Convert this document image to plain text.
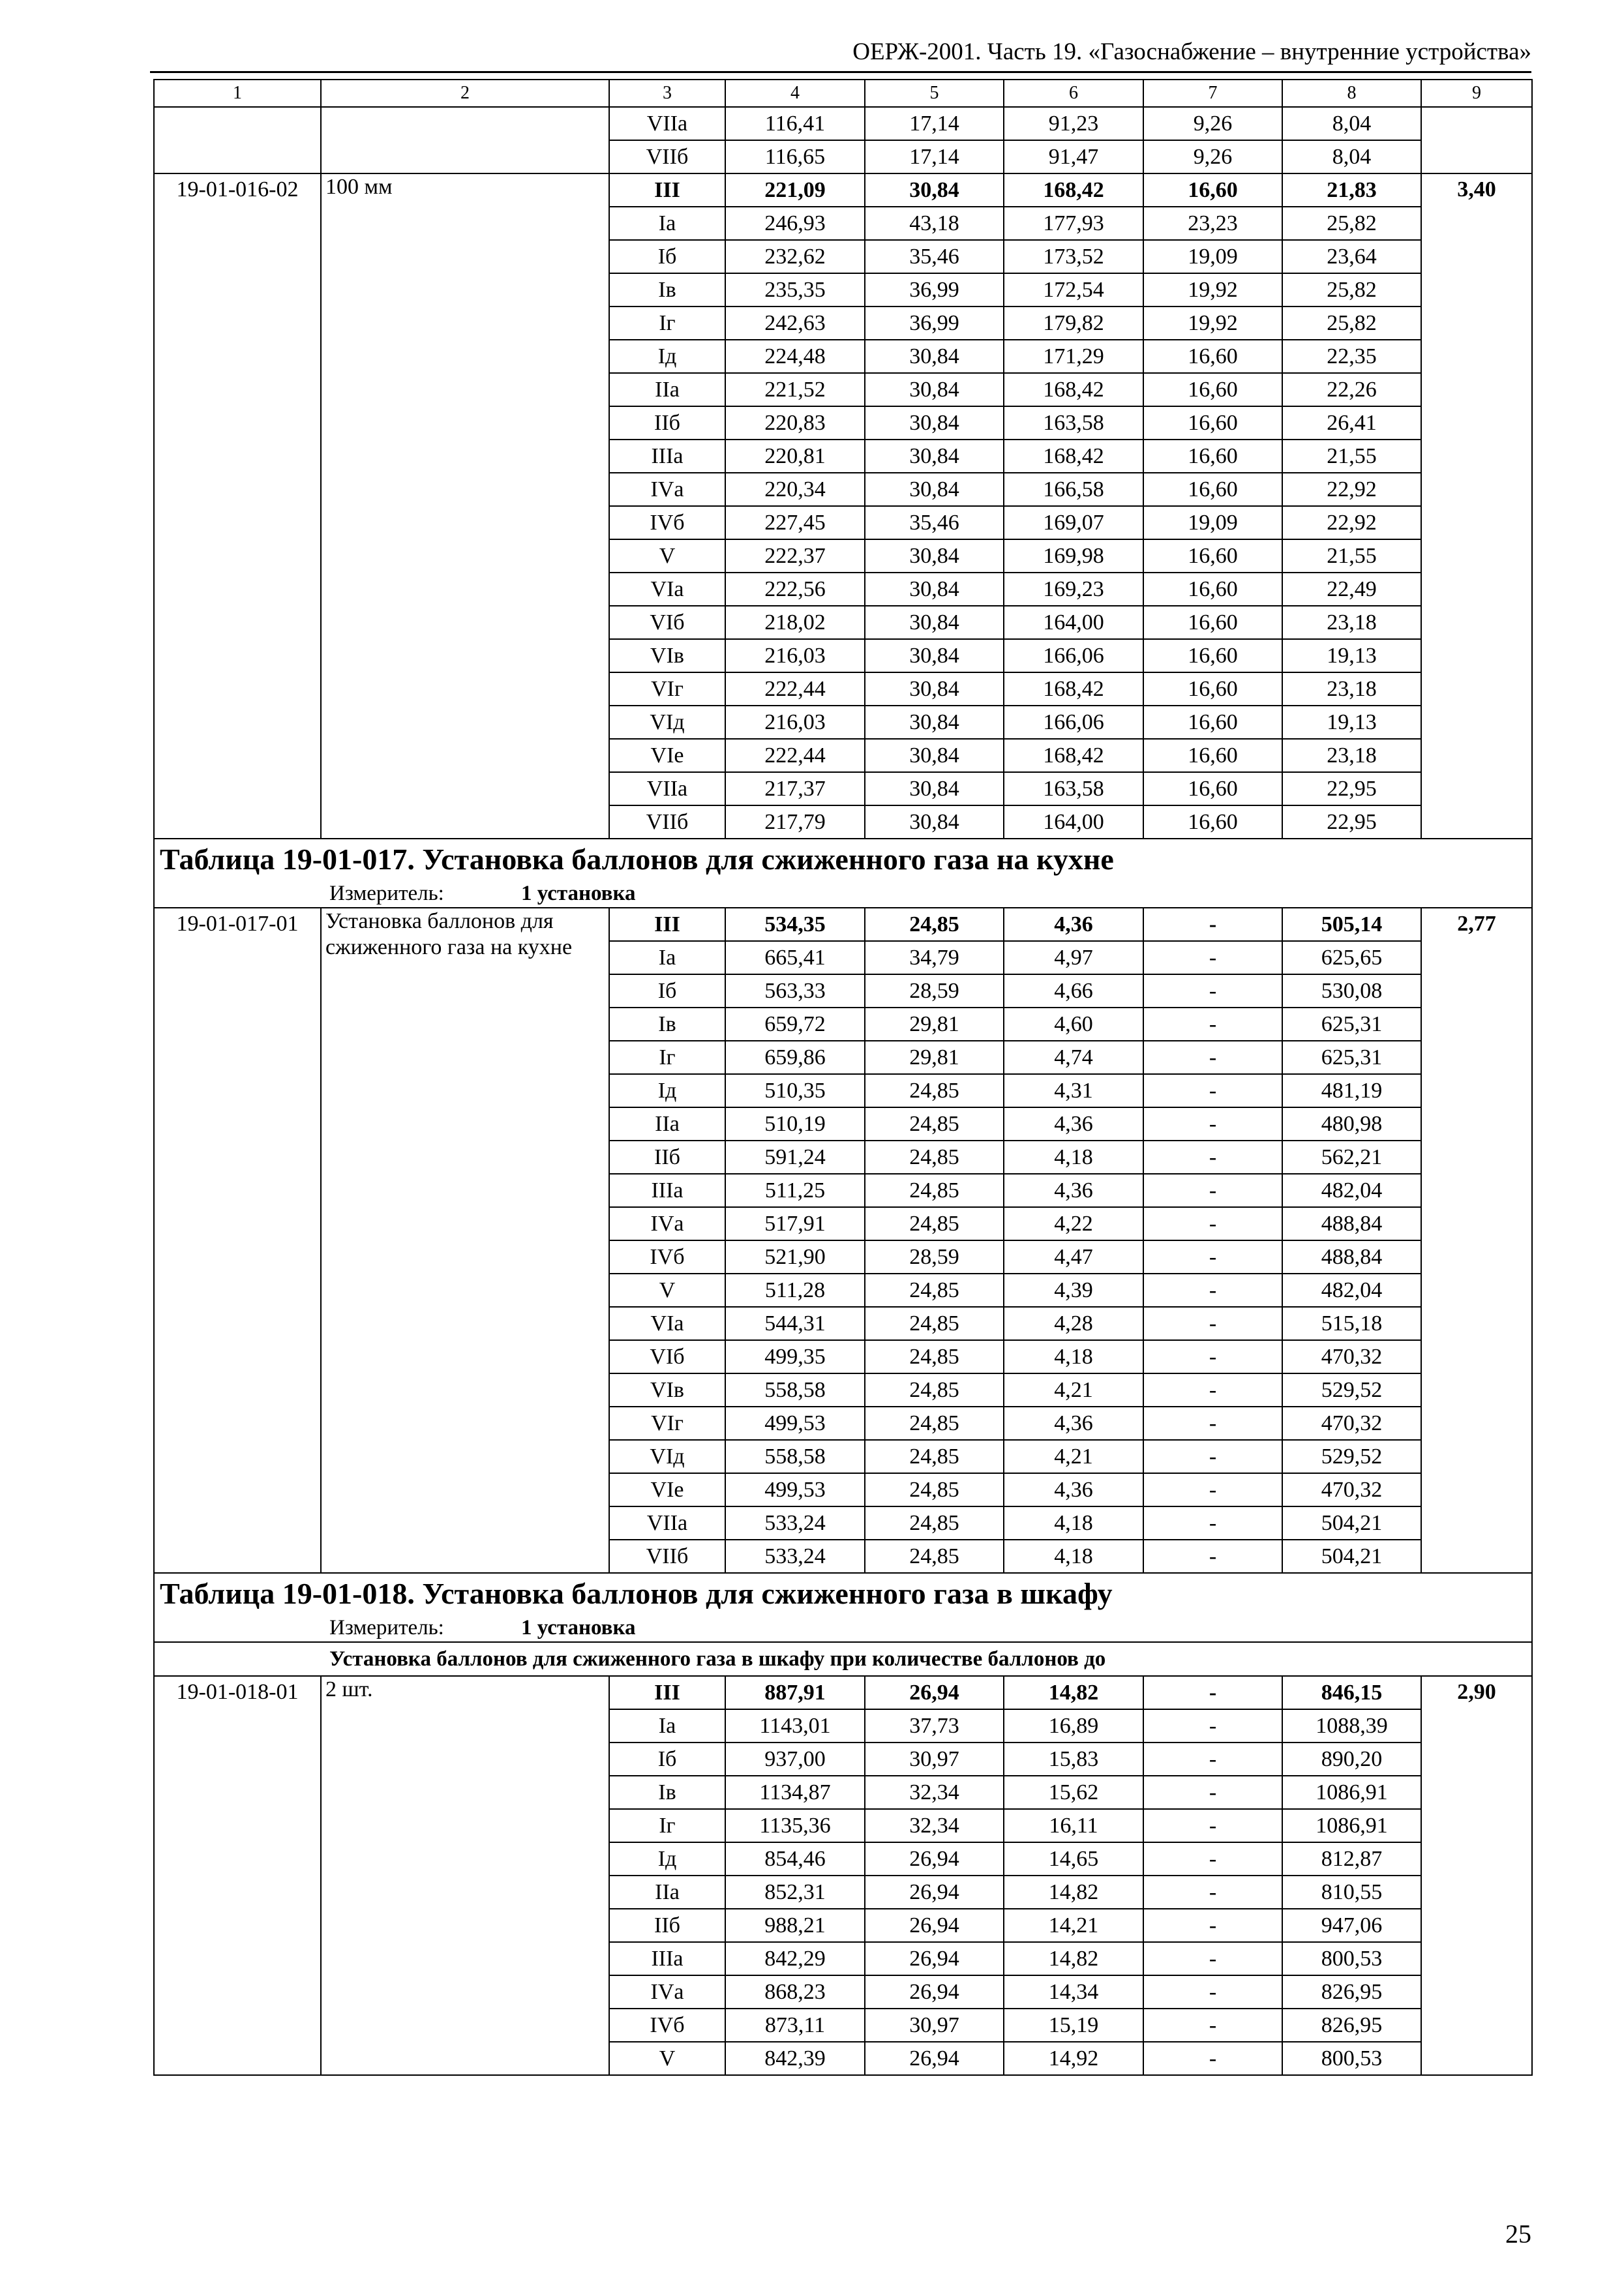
ОЕРЖ-2001. Часть 19. «Газоснабжение – внутренние устройства»
1	2	3	4	5	6	7	8	9
		VIIа	116,41	17,14	91,23	9,26	8,04	
		VIIб	116,65	17,14	91,47	9,26	8,04	
19-01-016-02	100 мм	III	221,09	30,84	168,42	16,60	21,83	3,40
		Iа	246,93	43,18	177,93	23,23	25,82	
		Iб	232,62	35,46	173,52	19,09	23,64	
		Iв	235,35	36,99	172,54	19,92	25,82	
		Iг	242,63	36,99	179,82	19,92	25,82	
		Iд	224,48	30,84	171,29	16,60	22,35	
		IIа	221,52	30,84	168,42	16,60	22,26	
		IIб	220,83	30,84	163,58	16,60	26,41	
		IIIа	220,81	30,84	168,42	16,60	21,55	
		IVа	220,34	30,84	166,58	16,60	22,92	
		IVб	227,45	35,46	169,07	19,09	22,92	
		V	222,37	30,84	169,98	16,60	21,55	
		VIа	222,56	30,84	169,23	16,60	22,49	
		VIб	218,02	30,84	164,00	16,60	23,18	
		VIв	216,03	30,84	166,06	16,60	19,13	
		VIг	222,44	30,84	168,42	16,60	23,18	
		VIд	216,03	30,84	166,06	16,60	19,13	
		VIе	222,44	30,84	168,42	16,60	23,18	
		VIIа	217,37	30,84	163,58	16,60	22,95	
		VIIб	217,79	30,84	164,00	16,60	22,95	
Таблица 19-01-017. Установка баллонов для сжиженного газа на кухне								
Измеритель: 1 установка								
19-01-017-01	Установка баллонов для сжиженного газа на кухне	III	534,35	24,85	4,36	-	505,14	2,77
		Iа	665,41	34,79	4,97	-	625,65	
		Iб	563,33	28,59	4,66	-	530,08	
		Iв	659,72	29,81	4,60	-	625,31	
		Iг	659,86	29,81	4,74	-	625,31	
		Iд	510,35	24,85	4,31	-	481,19	
		IIа	510,19	24,85	4,36	-	480,98	
		IIб	591,24	24,85	4,18	-	562,21	
		IIIа	511,25	24,85	4,36	-	482,04	
		IVа	517,91	24,85	4,22	-	488,84	
		IVб	521,90	28,59	4,47	-	488,84	
		V	511,28	24,85	4,39	-	482,04	
		VIа	544,31	24,85	4,28	-	515,18	
		VIб	499,35	24,85	4,18	-	470,32	
		VIв	558,58	24,85	4,21	-	529,52	
		VIг	499,53	24,85	4,36	-	470,32	
		VIд	558,58	24,85	4,21	-	529,52	
		VIе	499,53	24,85	4,36	-	470,32	
		VIIа	533,24	24,85	4,18	-	504,21	
		VIIб	533,24	24,85	4,18	-	504,21	
Таблица 19-01-018. Установка баллонов для сжиженного газа в шкафу								
Измеритель: 1 установка								
Установка баллонов для сжиженного газа в шкафу при количестве баллонов до								
19-01-018-01	2 шт.	III	887,91	26,94	14,82	-	846,15	2,90
		Iа	1143,01	37,73	16,89	-	1088,39	
		Iб	937,00	30,97	15,83	-	890,20	
		Iв	1134,87	32,34	15,62	-	1086,91	
		Iг	1135,36	32,34	16,11	-	1086,91	
		Iд	854,46	26,94	14,65	-	812,87	
		IIа	852,31	26,94	14,82	-	810,55	
		IIб	988,21	26,94	14,21	-	947,06	
		IIIа	842,29	26,94	14,82	-	800,53	
		IVа	868,23	26,94	14,34	-	826,95	
		IVб	873,11	30,97	15,19	-	826,95	
		V	842,39	26,94	14,92	-	800,53	
25
